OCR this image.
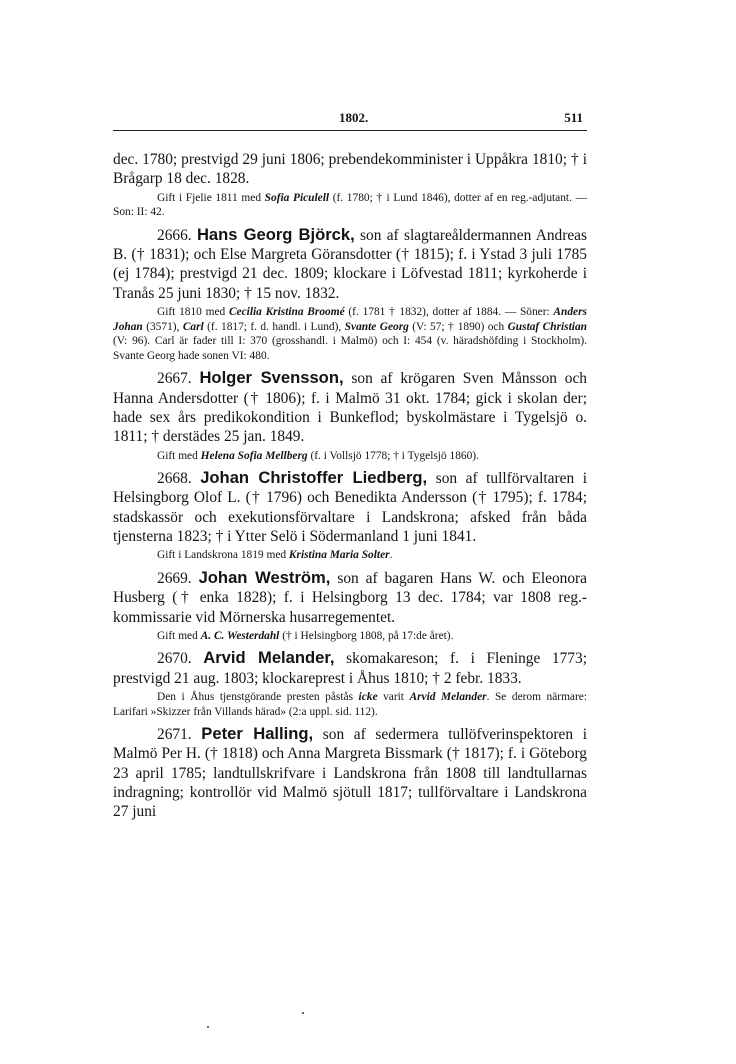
1802.	511

dec. 1780; prestvigd 29 juni 1806; prebendekomminister i Uppåkra 1810; † i Brågarp 18 dec. 1828.

Gift i Fjelie 1811 med Sofia Piculell (f. 1780; † i Lund 1846), dotter af en reg.-adjutant. — Son: II: 42.

2666. Hans Georg Björck, son af slagtareåldermannen Andreas B. († 1831); och Else Margreta Göransdotter († 1815); f. i Ystad 3 juli 1785 (ej 1784); prestvigd 21 dec. 1809; klockare i Löfvestad 1811; kyrkoherde i Tranås 25 juni 1830; † 15 nov. 1832.

Gift 1810 med Cecilia Kristina Broomé (f. 1781 † 1832), dotter af 1884. — Söner: Anders Johan (3571), Carl (f. 1817; f. d. handl. i Lund), Svante Georg (V: 57; † 1890) och Gustaf Christian (V: 96). Carl är fader till I: 370 (grosshandl. i Malmö) och I: 454 (v. häradshöfding i Stockholm). Svante Georg hade sonen VI: 480.

2667. Holger Svensson, son af krögaren Sven Månsson och Hanna Andersdotter († 1806); f. i Malmö 31 okt. 1784; gick i skolan der; hade sex års predikokondition i Bunkeflod; byskolmästare i Tygelsjö o. 1811; † derstädes 25 jan. 1849.

Gift med Helena Sofia Mellberg (f. i Vollsjö 1778; † i Tygelsjö 1860).

2668. Johan Christoffer Liedberg, son af tullförvaltaren i Helsingborg Olof L. († 1796) och Benedikta Andersson († 1795); f. 1784; stadskassör och exekutionsförvaltare i Landskrona; afsked från båda tjensterna 1823; † i Ytter Selö i Södermanland 1 juni 1841.

Gift i Landskrona 1819 med Kristina Maria Solter.

2669. Johan Weström, son af bagaren Hans W. och Eleonora Husberg († enka 1828); f. i Helsingborg 13 dec. 1784; var 1808 reg.-kommissarie vid Mörnerska husarregementet.

Gift med A. C. Westerdahl († i Helsingborg 1808, på 17:de året).

2670. Arvid Melander, skomakareson; f. i Fleninge 1773; prestvigd 21 aug. 1803; klockareprest i Åhus 1810; † 2 febr. 1833.

Den i Åhus tjenstgörande presten påstås icke varit Arvid Melander. Se derom närmare: Larifari »Skizzer från Villands härad» (2:a uppl. sid. 112).

2671. Peter Halling, son af sedermera tullöfverinspektoren i Malmö Per H. († 1818) och Anna Margreta Bissmark († 1817); f. i Göteborg 23 april 1785; landtullskrifvare i Landskrona från 1808 till landtullarnas indragning; kontrollör vid Malmö sjötull 1817; tullförvaltare i Landskrona 27 juni
